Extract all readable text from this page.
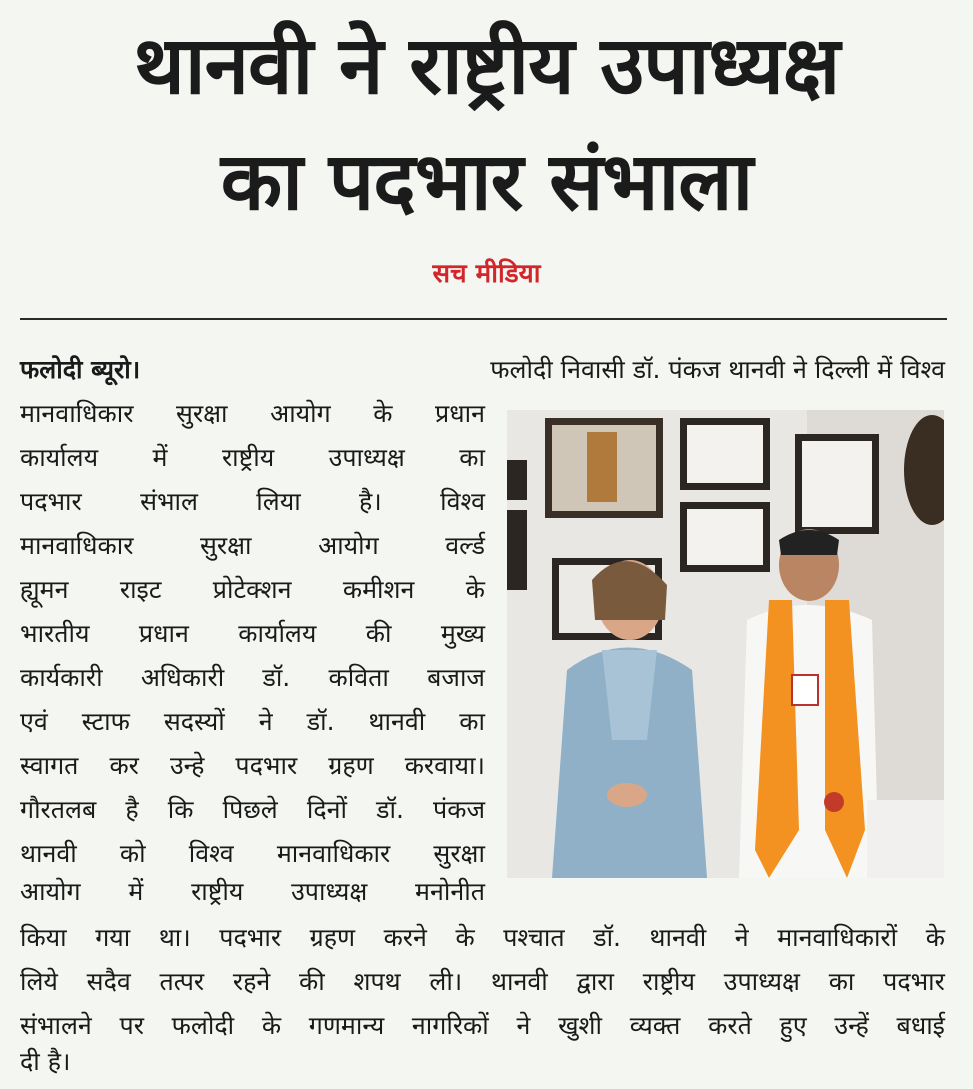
थानवी ने राष्ट्रीय उपाध्यक्ष
का पदभार संभाला
सच मीडिया
फलोदी ब्यूरो।	फलोदी निवासी डॉ. पंकज थानवी ने दिल्ली में विश्व
मानवाधिकार सुरक्षा आयोग के प्रधान
कार्यालय में राष्ट्रीय उपाध्यक्ष का
पदभार संभाल लिया है। विश्व
मानवाधिकार	सुरक्षा	आयोग	वर्ल्ड
ह्यूमन राइट प्रोटेक्शन कमीशन के
भारतीय प्रधान कार्यालय की मुख्य
कार्यकारी अधिकारी डॉ. कविता बजाज
एवं स्टाफ सदस्यों ने डॉ. थानवी का
स्वागत कर उन्हे पदभार ग्रहण करवाया।
गौरतलब है कि पिछले दिनों डॉ. पंकज
थानवी को विश्व मानवाधिकार सुरक्षा
आयोग में राष्ट्रीय उपाध्यक्ष मनोनीत
किया गया था। पदभार ग्रहण करने के पश्चात डॉ. थानवी ने मानवाधिकारों के
लिये सदैव तत्पर रहने की शपथ ली। थानवी द्वारा राष्ट्रीय उपाध्यक्ष का पदभार
संभालने पर फलोदी के गणमान्य नागरिकों ने खुशी व्यक्त करते हुए उन्हें बधाई
दी है।
